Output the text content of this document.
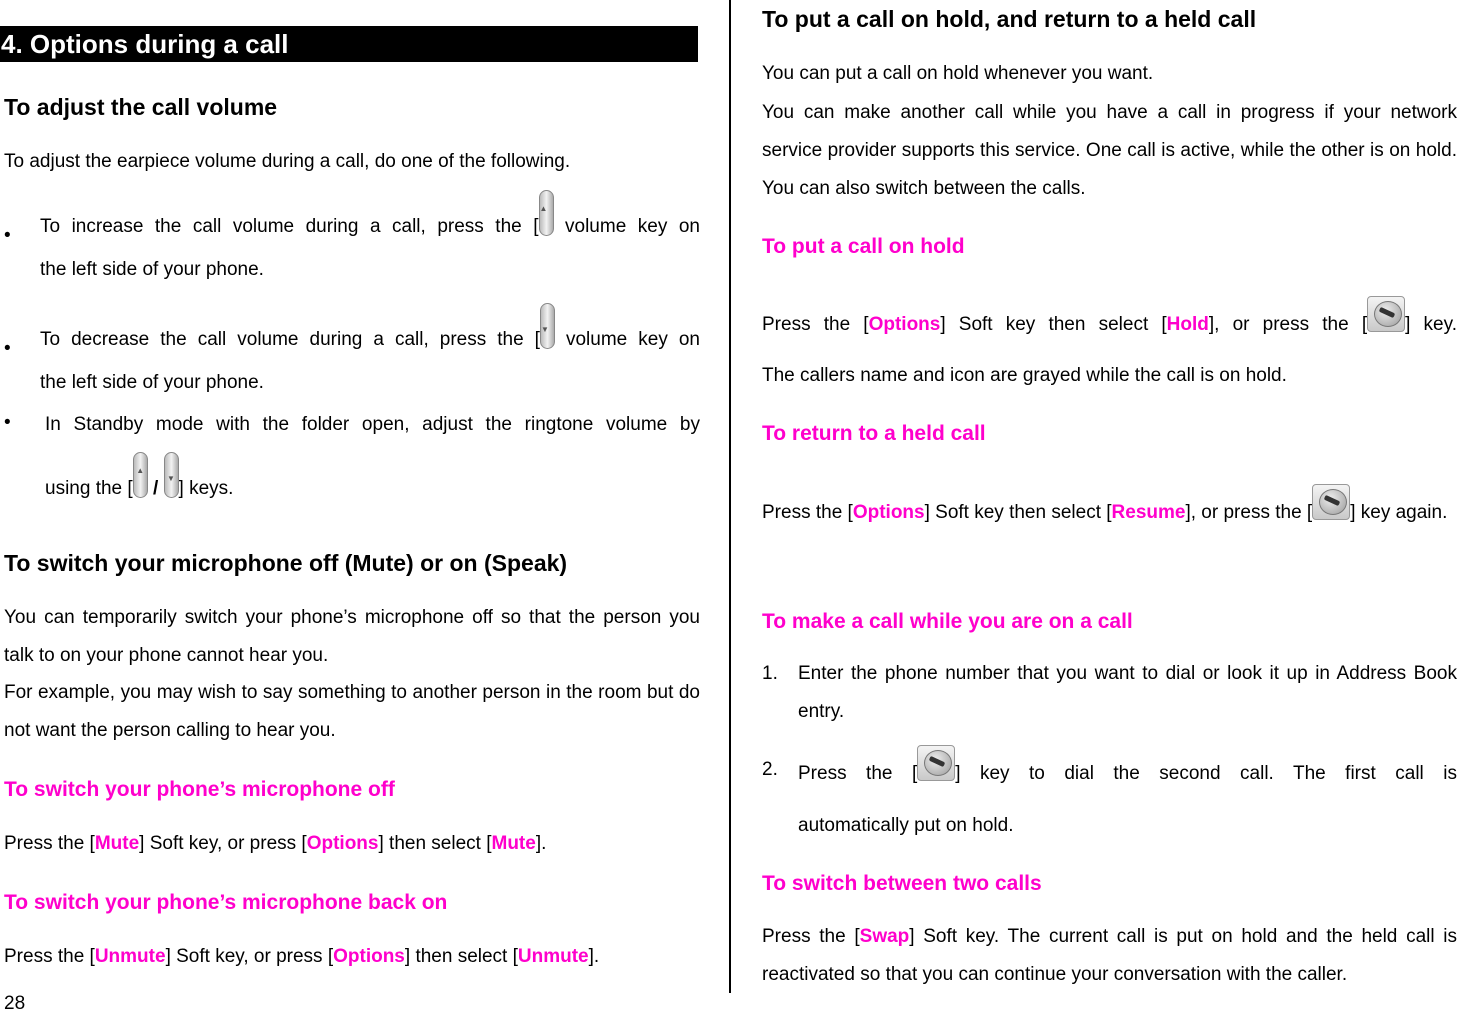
4. Options during a call
To adjust the call volume
To adjust the earpiece volume during a call, do one of the following.
• To increase the call volume during a call, press the [
▲
volume key on
the left side of your phone.
• To decrease the call volume during a call, press the [ ▼ volume key on
the left side of your phone.
• In Standby mode with the folder open, adjust the ringtone volume by
using the [
▲
/	▼ ] keys.
To switch your microphone off (Mute) or on (Speak)
You can temporarily switch your phone’s microphone off so that the person you talk to on your phone cannot hear you.
For example, you may wish to say something to another person in the room but do not want the person calling to hear you.
To switch your phone’s microphone off
Press the [Mute] Soft key, or press [Options] then select [Mute].
To switch your phone’s microphone back on
Press the [Unmute] Soft key, or press [Options] then select [Unmute].
To put a call on hold, and return to a held call
You can put a call on hold whenever you want.
You can make another call while you have a call in progress if your network service provider supports this service. One call is active, while the other is on hold. You can also switch between the calls.
To put a call on hold
Press the [Options] Soft key then select [Hold], or press the [ ] key.
The callers name and icon are grayed while the call is on hold.
To return to a held call
Press the [Options] Soft key then select [Resume], or press the [ ] key again.
To make a call while you are on a call
1. Enter the phone number that you want to dial or look it up in Address Book entry.
2. Press the [ ] key to dial the second call. The first call is
automatically put on hold.
To switch between two calls
Press the [Swap] Soft key. The current call is put on hold and the held call is reactivated so that you can continue your conversation with the caller.
28
